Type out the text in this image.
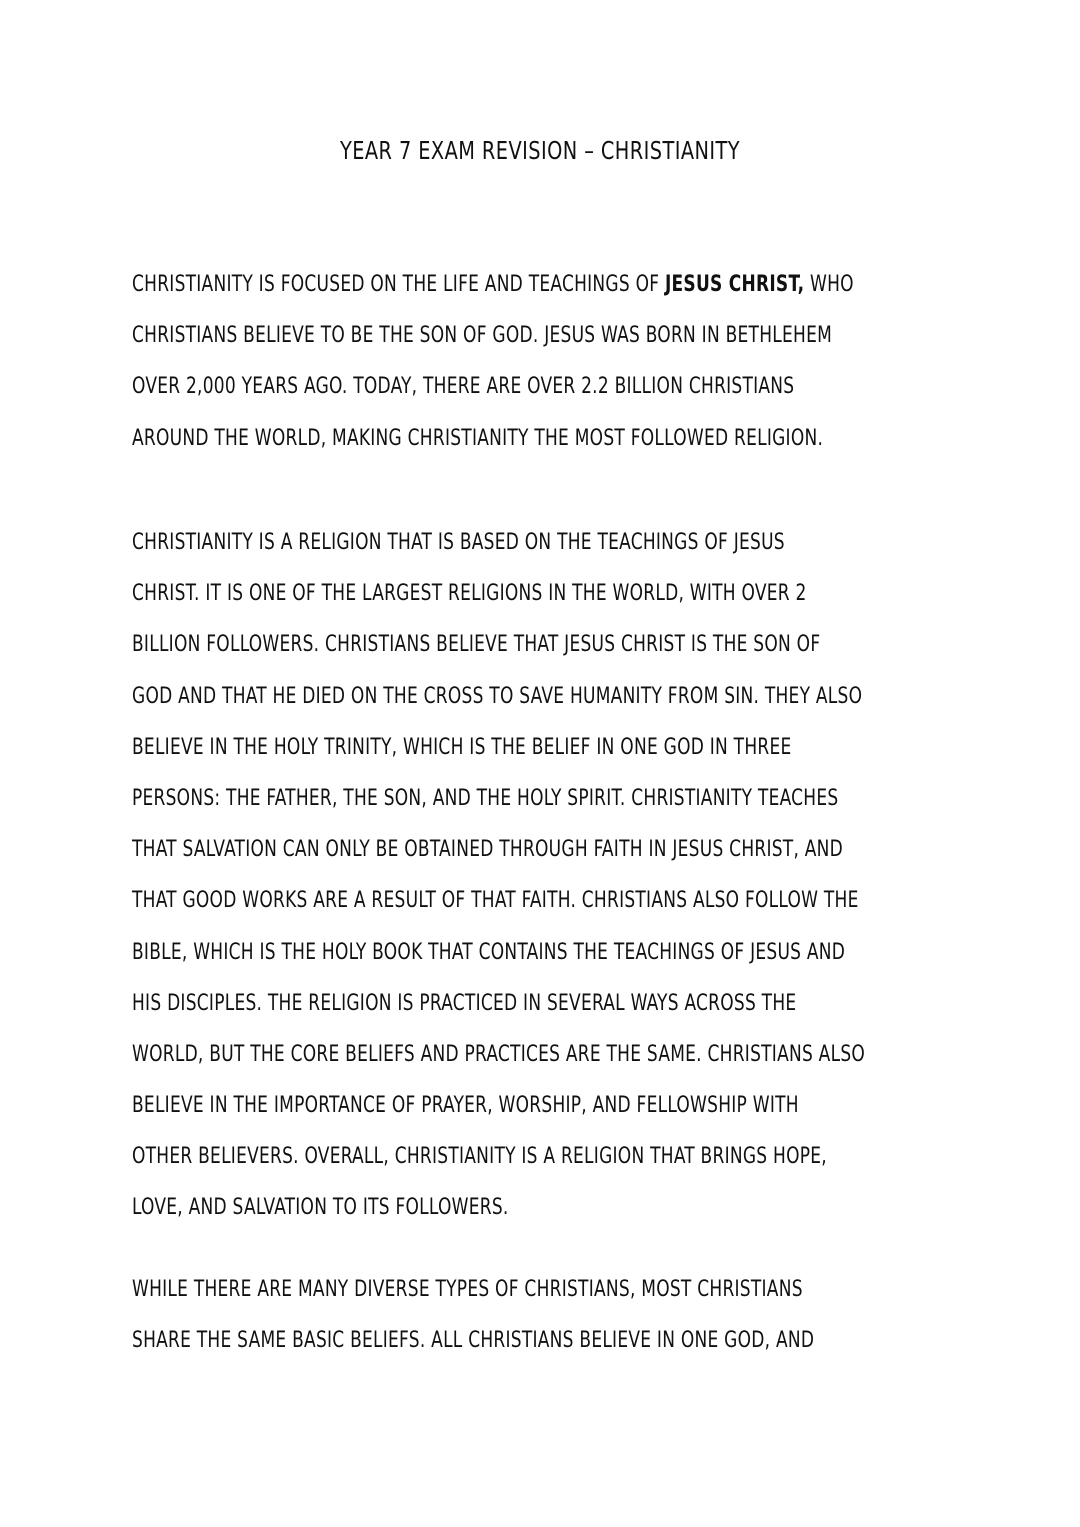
YEAR 7 EXAM REVISION – CHRISTIANITY
CHRISTIANITY IS FOCUSED ON THE LIFE AND TEACHINGS OF JESUS CHRIST, WHO
CHRISTIANS BELIEVE TO BE THE SON OF GOD. JESUS WAS BORN IN BETHLEHEM
OVER 2,000 YEARS AGO. TODAY, THERE ARE OVER 2.2 BILLION CHRISTIANS
AROUND THE WORLD, MAKING CHRISTIANITY THE MOST FOLLOWED RELIGION.
CHRISTIANITY IS A RELIGION THAT IS BASED ON THE TEACHINGS OF JESUS
CHRIST. IT IS ONE OF THE LARGEST RELIGIONS IN THE WORLD, WITH OVER 2
BILLION FOLLOWERS. CHRISTIANS BELIEVE THAT JESUS CHRIST IS THE SON OF
GOD AND THAT HE DIED ON THE CROSS TO SAVE HUMANITY FROM SIN. THEY ALSO
BELIEVE IN THE HOLY TRINITY, WHICH IS THE BELIEF IN ONE GOD IN THREE
PERSONS: THE FATHER, THE SON, AND THE HOLY SPIRIT. CHRISTIANITY TEACHES
THAT SALVATION CAN ONLY BE OBTAINED THROUGH FAITH IN JESUS CHRIST, AND
THAT GOOD WORKS ARE A RESULT OF THAT FAITH. CHRISTIANS ALSO FOLLOW THE
BIBLE, WHICH IS THE HOLY BOOK THAT CONTAINS THE TEACHINGS OF JESUS AND
HIS DISCIPLES. THE RELIGION IS PRACTICED IN SEVERAL WAYS ACROSS THE
WORLD, BUT THE CORE BELIEFS AND PRACTICES ARE THE SAME. CHRISTIANS ALSO
BELIEVE IN THE IMPORTANCE OF PRAYER, WORSHIP, AND FELLOWSHIP WITH
OTHER BELIEVERS. OVERALL, CHRISTIANITY IS A RELIGION THAT BRINGS HOPE,
LOVE, AND SALVATION TO ITS FOLLOWERS.
WHILE THERE ARE MANY DIVERSE TYPES OF CHRISTIANS, MOST CHRISTIANS
SHARE THE SAME BASIC BELIEFS. ALL CHRISTIANS BELIEVE IN ONE GOD, AND
